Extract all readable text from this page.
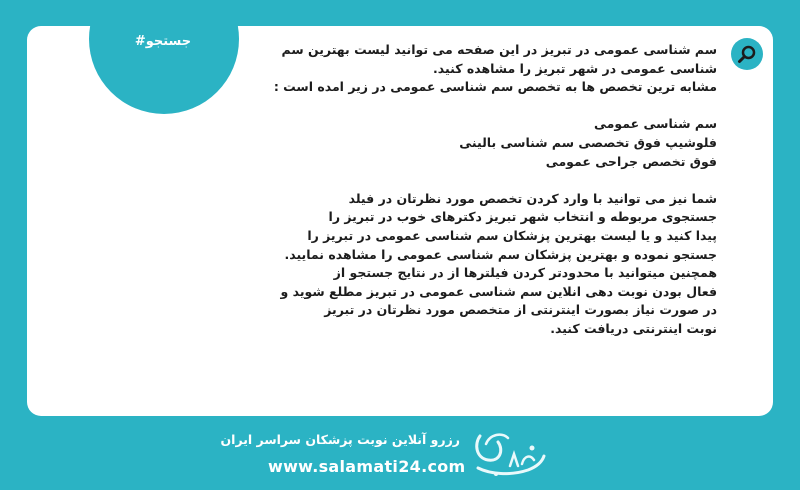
#جستجو

سم شناسی عمومی در تبریز در این صفحه می توانید لیست بهترین سم

شناسی عمومی در شهر تبریز را مشاهده کنید.

مشابه ترین تخصص ها به تخصص سم شناسی عمومی در زیر امده است :

سم شناسی عمومی

فلوشیپ فوق تخصصی سم شناسی بالینی

فوق تخصص جراحی عمومی

شما نیز می توانید با وارد کردن تخصص مورد نظرتان در فیلد

جستجوی مربوطه و انتخاب شهر تبریز دکترهای خوب در تبریز را

پیدا کنید و یا لیست بهترین پزشکان سم شناسی عمومی در تبریز را

جستجو نموده و بهترین پزشکان سم شناسی عمومی را مشاهده نمایید.

همچنین میتوانید با محدودتر کردن فیلترها از در نتایج جستجو از

فعال بودن نوبت دهی انلاین سم شناسی عمومی در تبریز مطلع شوید و

در صورت نیاز بصورت اینترنتی از متخصص مورد نظرتان در تبریز

نوبت اینترنتی دریافت کنید.

رزرو آنلاین نوبت پزشکان سراسر ایران
www.salamati24.com
